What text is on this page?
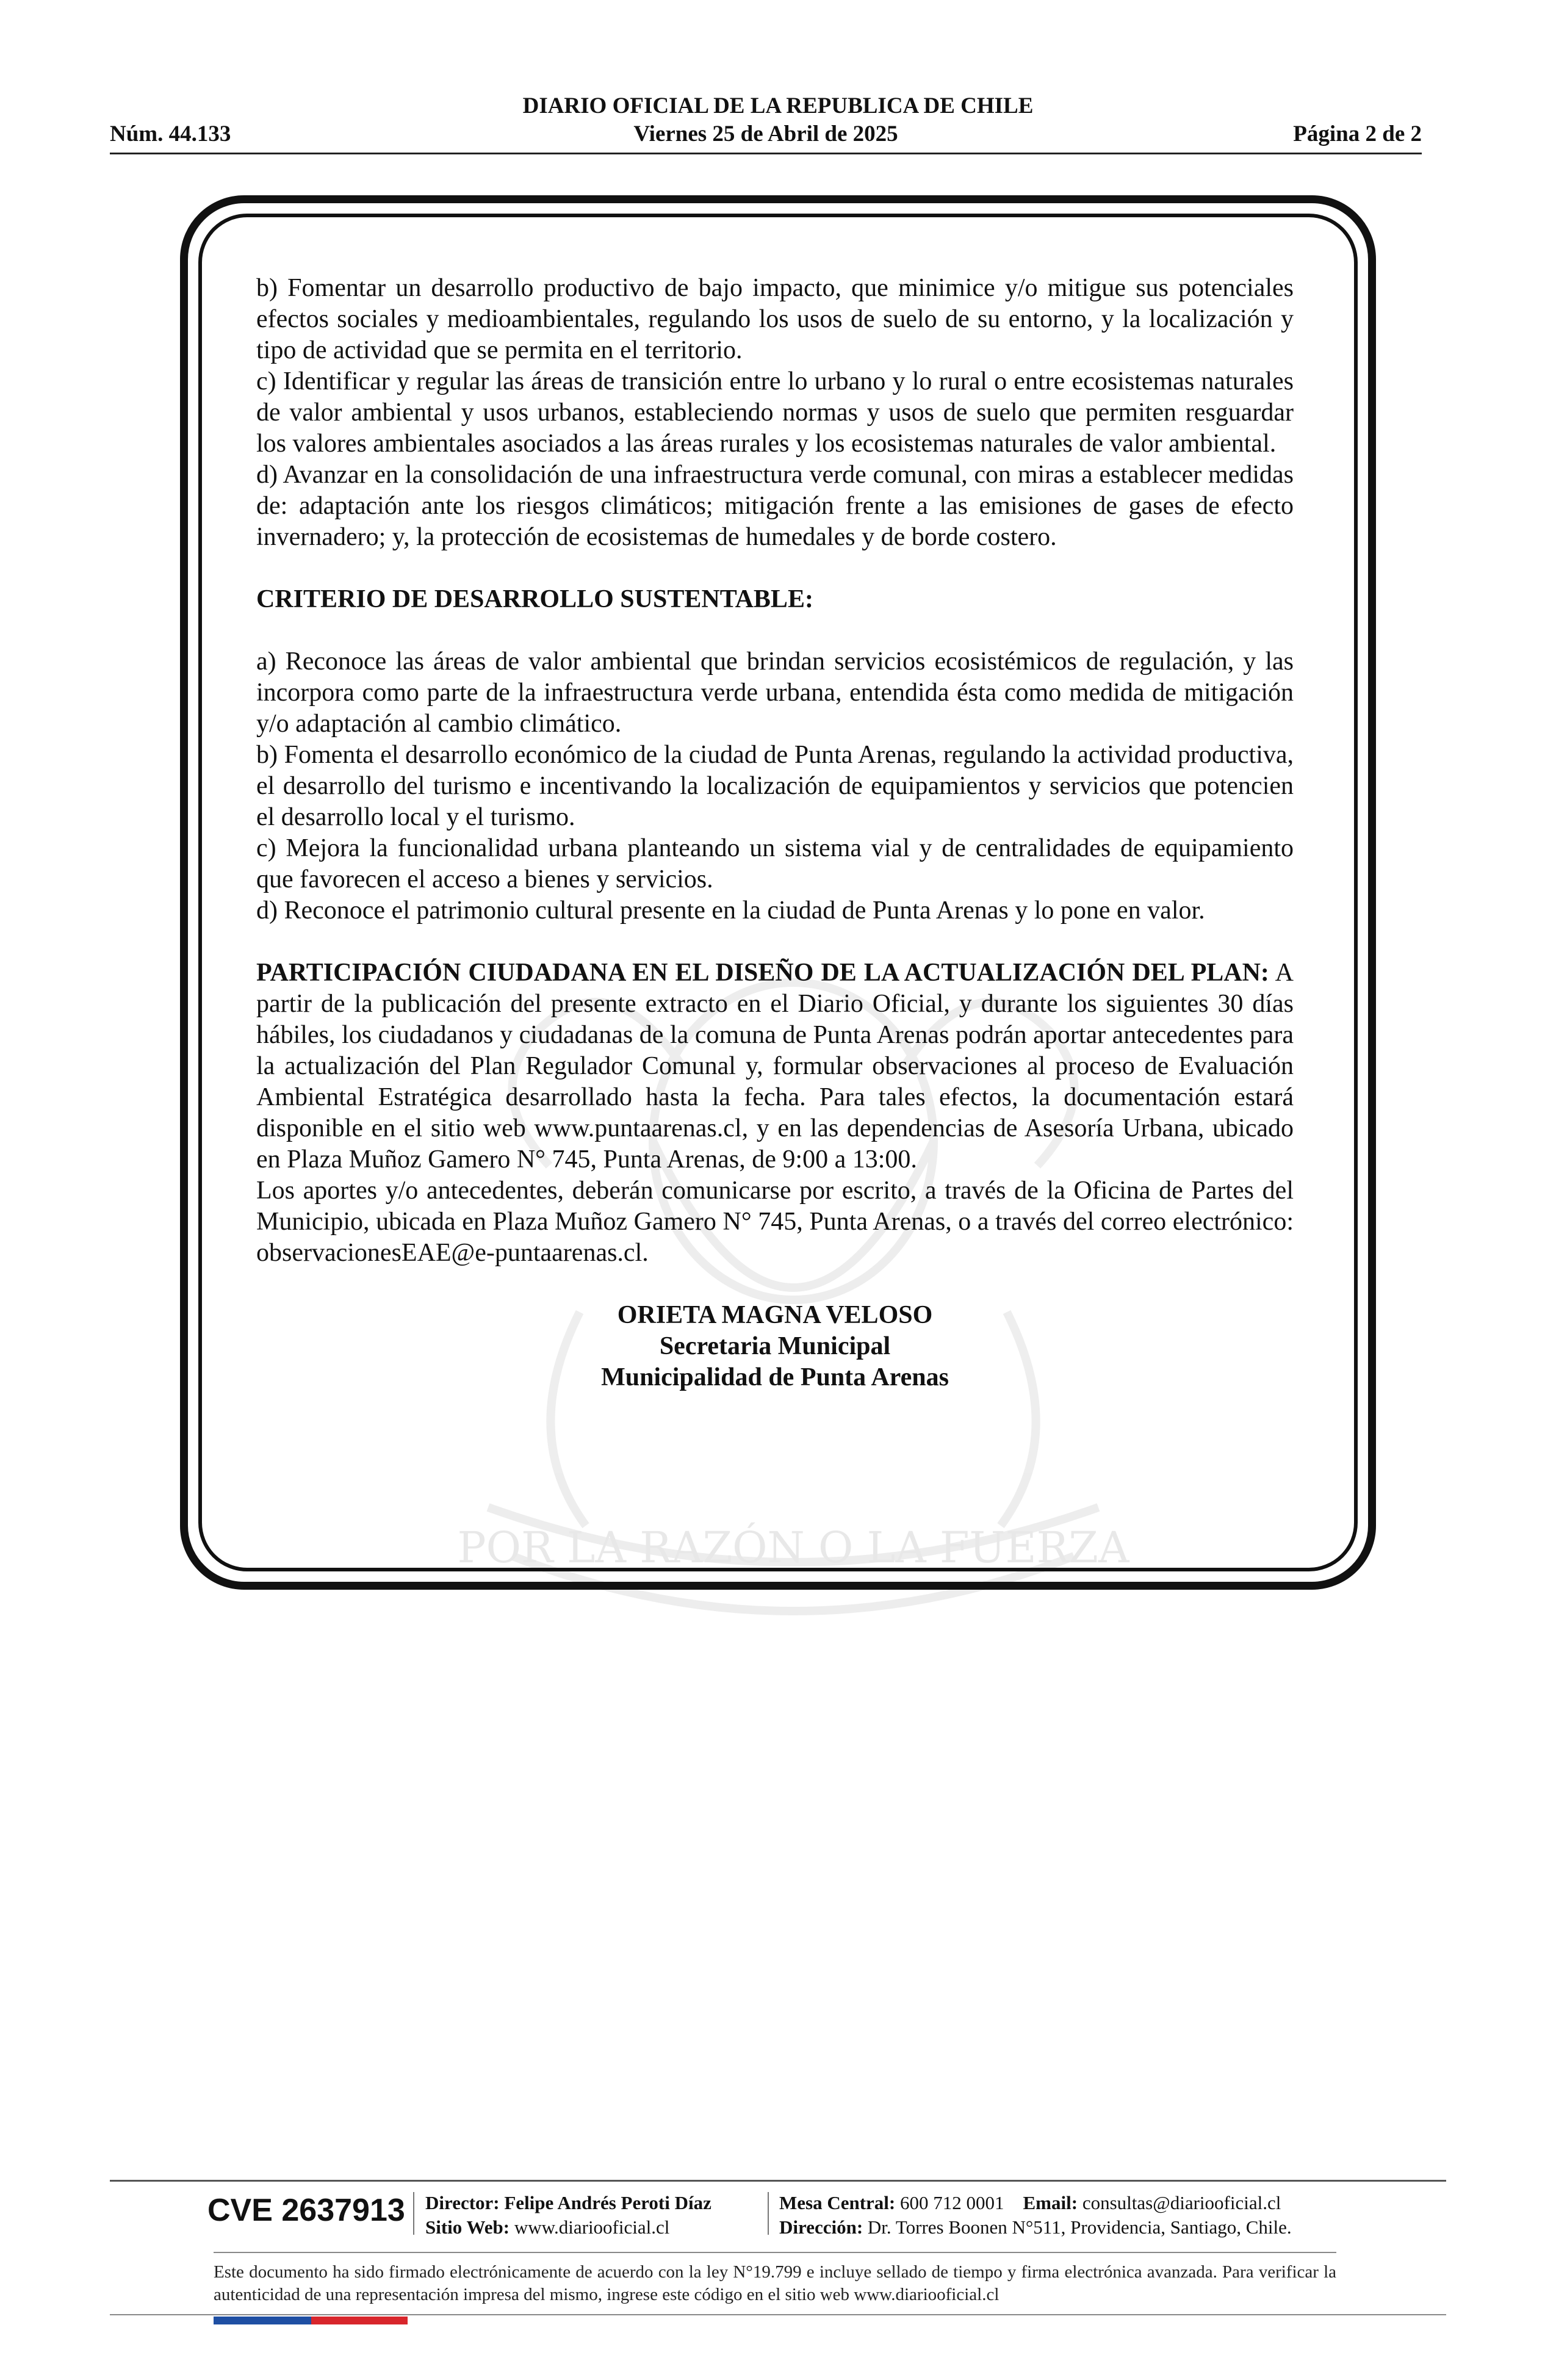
DIARIO OFICIAL DE LA REPUBLICA DE CHILE
Núm. 44.133	Viernes 25 de Abril de 2025	Página 2 de 2
POR LA RAZÓN O LA FUERZA

b) Fomentar un desarrollo productivo de bajo impacto, que minimice y/o mitigue sus potenciales efectos sociales y medioambientales, regulando los usos de suelo de su entorno, y la localización y tipo de actividad que se permita en el territorio.

c) Identificar y regular las áreas de transición entre lo urbano y lo rural o entre ecosistemas naturales de valor ambiental y usos urbanos, estableciendo normas y usos de suelo que permiten resguardar los valores ambientales asociados a las áreas rurales y los ecosistemas naturales de valor ambiental.

d) Avanzar en la consolidación de una infraestructura verde comunal, con miras a establecer medidas de: adaptación ante los riesgos climáticos; mitigación frente a las emisiones de gases de efecto invernadero; y, la protección de ecosistemas de humedales y de borde costero.

CRITERIO DE DESARROLLO SUSTENTABLE:

a) Reconoce las áreas de valor ambiental que brindan servicios ecosistémicos de regulación, y las incorpora como parte de la infraestructura verde urbana, entendida ésta como medida de mitigación y/o adaptación al cambio climático.

b) Fomenta el desarrollo económico de la ciudad de Punta Arenas, regulando la actividad productiva, el desarrollo del turismo e incentivando la localización de equipamientos y servicios que potencien el desarrollo local y el turismo.

c) Mejora la funcionalidad urbana planteando un sistema vial y de centralidades de equipamiento que favorecen el acceso a bienes y servicios.

d) Reconoce el patrimonio cultural presente en la ciudad de Punta Arenas y lo pone en valor.

PARTICIPACIÓN CIUDADANA EN EL DISEÑO DE LA ACTUALIZACIÓN DEL PLAN: A partir de la publicación del presente extracto en el Diario Oficial, y durante los siguientes 30 días hábiles, los ciudadanos y ciudadanas de la comuna de Punta Arenas podrán aportar antecedentes para la actualización del Plan Regulador Comunal y, formular observaciones al proceso de Evaluación Ambiental Estratégica desarrollado hasta la fecha. Para tales efectos, la documentación estará disponible en el sitio web www.puntaarenas.cl, y en las dependencias de Asesoría Urbana, ubicado en Plaza Muñoz Gamero N° 745, Punta Arenas, de 9:00 a 13:00.

Los aportes y/o antecedentes, deberán comunicarse por escrito, a través de la Oficina de Partes del Municipio, ubicada en Plaza Muñoz Gamero N° 745, Punta Arenas, o a través del correo electrónico: observacionesEAE@e-puntaarenas.cl.

ORIETA MAGNA VELOSO

Secretaria Municipal

Municipalidad de Punta Arenas

CVE 2637913 Director: Felipe Andrés Peroti Díaz
Sitio Web: www.diariooficial.cl
Mesa Central: 600 712 0001 Email: consultas@diariooficial.cl
Dirección: Dr. Torres Boonen N°511, Providencia, Santiago, Chile.
Este documento ha sido firmado electrónicamente de acuerdo con la ley N°19.799 e incluye sellado de tiempo y firma electrónica avanzada. Para verificar la autenticidad de una representación impresa del mismo, ingrese este código en el sitio web www.diariooficial.cl
